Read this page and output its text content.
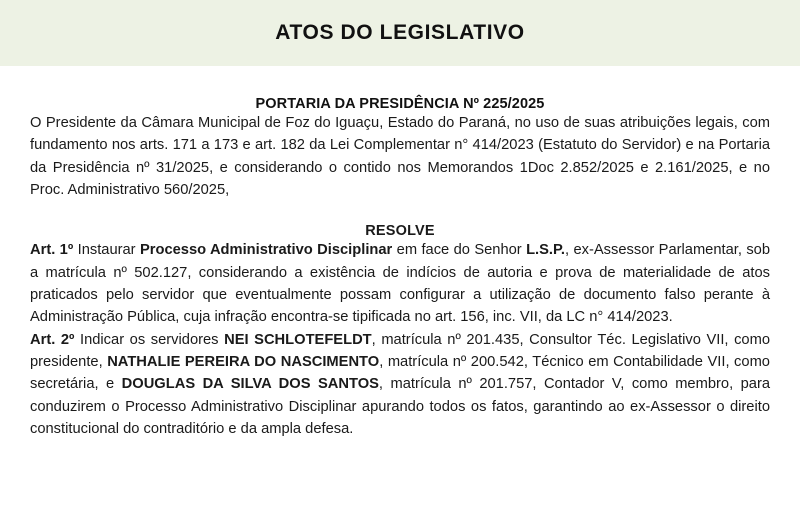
ATOS DO LEGISLATIVO
PORTARIA DA PRESIDÊNCIA Nº 225/2025

O Presidente da Câmara Municipal de Foz do Iguaçu, Estado do Paraná, no uso de suas atribuições legais, com fundamento nos arts. 171 a 173 e art. 182 da Lei Complementar n° 414/2023 (Estatuto do Servidor) e na Portaria da Presidência nº 31/2025, e considerando o contido nos Memorandos 1Doc 2.852/2025 e 2.161/2025, e no Proc. Administrativo 560/2025,

RESOLVE

Art. 1º Instaurar Processo Administrativo Disciplinar em face do Senhor L.S.P., ex-Assessor Parlamentar, sob a matrícula nº 502.127, considerando a existência de indícios de autoria e prova de materialidade de atos praticados pelo servidor que eventualmente possam configurar a utilização de documento falso perante à Administração Pública, cuja infração encontra-se tipificada no art. 156, inc. VII, da LC n° 414/2023.

Art. 2º Indicar os servidores NEI SCHLOTEFELDT, matrícula nº 201.435, Consultor Téc. Legislativo VII, como presidente, NATHALIE PEREIRA DO NASCIMENTO, matrícula nº 200.542, Técnico em Contabilidade VII, como secretária, e DOUGLAS DA SILVA DOS SANTOS, matrícula nº 201.757, Contador V, como membro, para conduzirem o Processo Administrativo Disciplinar apurando todos os fatos, garantindo ao ex-Assessor o direito constitucional do contraditório e da ampla defesa.
